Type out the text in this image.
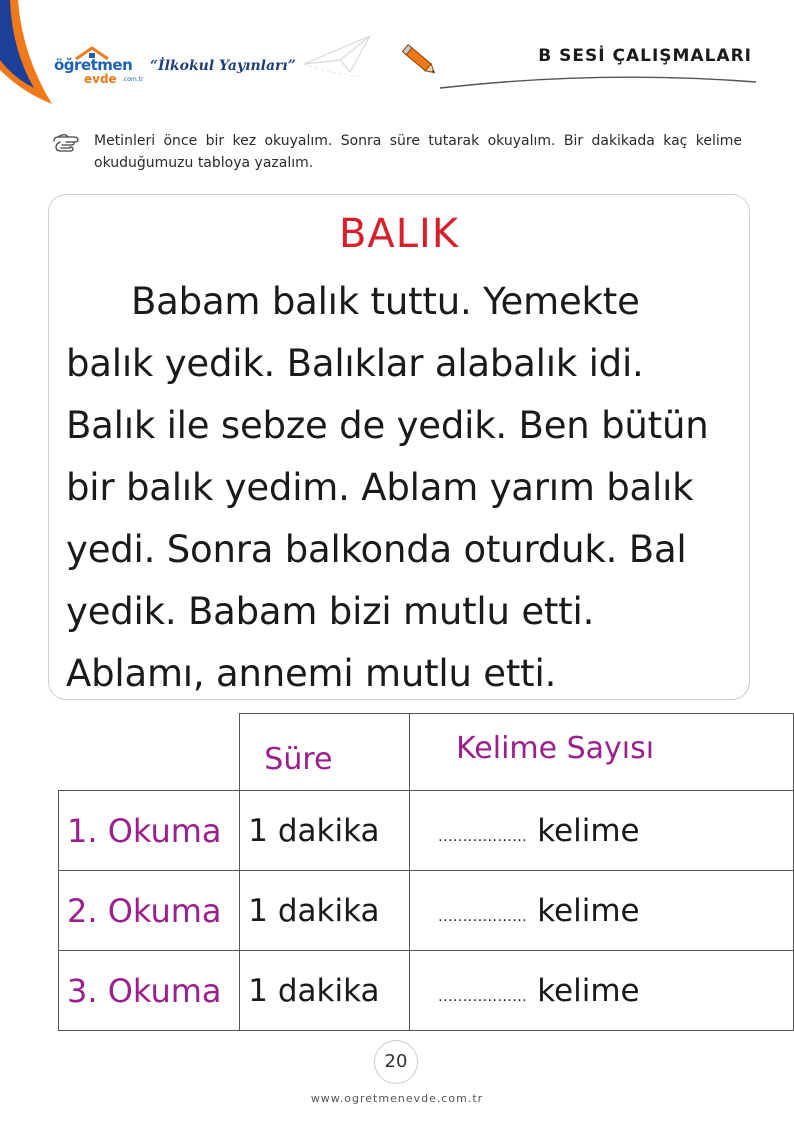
öğretmen
evde .com.tr
“İlkokul Yayınları”	B SESİ ÇALIŞMALARI
Metinleri önce bir kez okuyalım. Sonra süre tutarak okuyalım. Bir dakikada kaç kelime okuduğumuzu tabloya yazalım.
BALIK

Babam balık tuttu. Yemekte balık yedik. Balıklar alabalık idi. Balık ile sebze de yedik. Ben bütün bir balık yedim. Ablam yarım balık yedi. Sonra balkonda oturduk. Bal yedik. Babam bizi mutlu etti. Ablamı, annemi mutlu etti.

	Süre	Kelime Sayısı
1. Okuma	1 dakika	.................. kelime
2. Okuma	1 dakika	.................. kelime
3. Okuma	1 dakika	.................. kelime
20
www.ogretmenevde.com.tr
